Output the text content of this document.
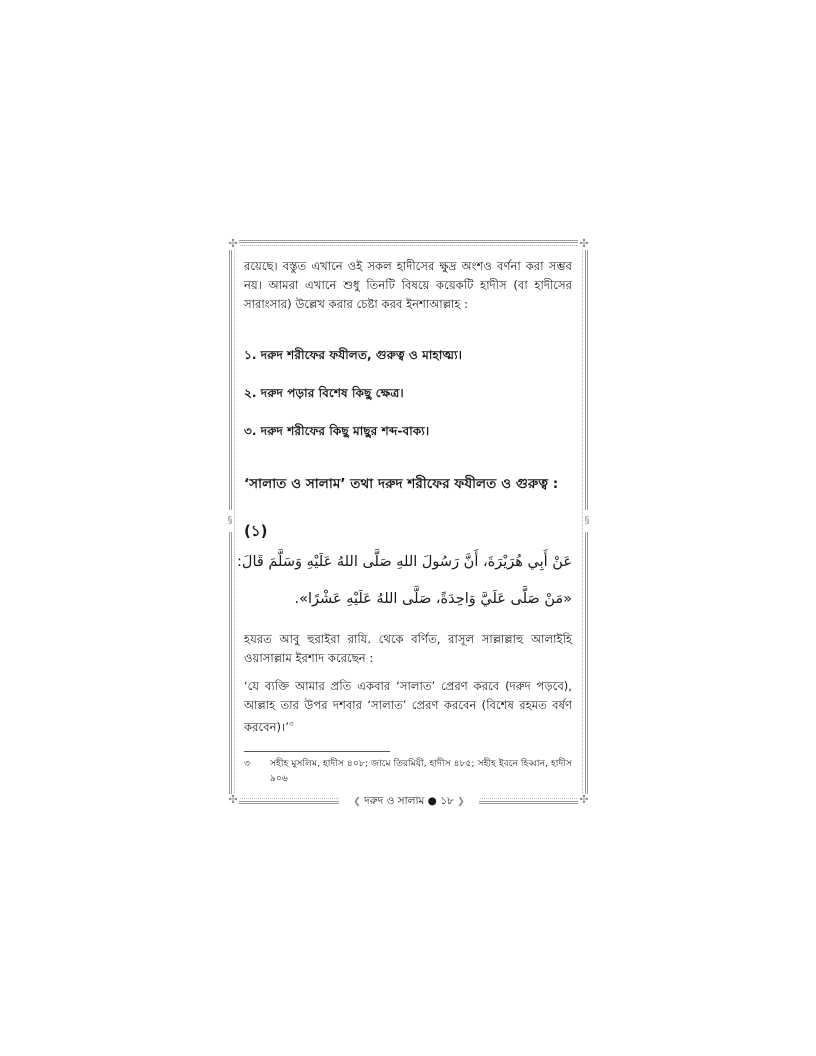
✣	✣
✣	✣
§	§

রয়েছে। বস্তুত এখানে ওই সকল হাদীসের ক্ষুদ্র অংশও বর্ণনা করা সম্ভব নয়। আমরা এখানে শুধু তিনটি বিষয়ে কয়েকটি হাদীস (বা হাদীসের সারাংসার) উল্লেখ করার চেষ্টা করব ইনশাআল্লাহ :

১. দরুদ শরীফের ফযীলত, গুরুত্ব ও মাহাত্ম্য।

২. দরুদ পড়ার বিশেষ কিছু ক্ষেত্র।

৩. দরুদ শরীফের কিছু মাছুর শব্দ-বাক্য।

‘সালাত ও সালাম’ তথা দরুদ শরীফের ফযীলত ও গুরুত্ব :

(১)

عَنْ أَبِي هُرَيْرَةَ، أَنَّ رَسُولَ اللهِ صَلَّى اللهُ عَلَيْهِ وَسَلَّمَ قَالَ:

«مَنْ صَلَّى عَلَيَّ وَاحِدَةً، صَلَّى اللهُ عَلَيْهِ عَشْرًا».

হযরত আবু হুরাইরা রাযি. থেকে বর্ণিত, রাসূল সাল্লাল্লাহু আলাইহি ওয়াসাল্লাম ইরশাদ করেছেন :

‘যে ব্যক্তি আমার প্রতি একবার ‘সালাত’ প্রেরণ করবে (দরুদ পড়বে), আল্লাহ তার উপর দশবার ‘সালাত’ প্রেরণ করবেন (বিশেষ রহমত বর্ষণ করবেন)।’$^৩$

৩ সহীহ মুসলিম, হাদীস ৪০৮; জামে তিরমিযী, হাদীস ৪৮৫; সহীহ ইবনে হিব্বান, হাদীস ৯০৬
❮ দরুদ ও সালাম ● ১৮ ❯
